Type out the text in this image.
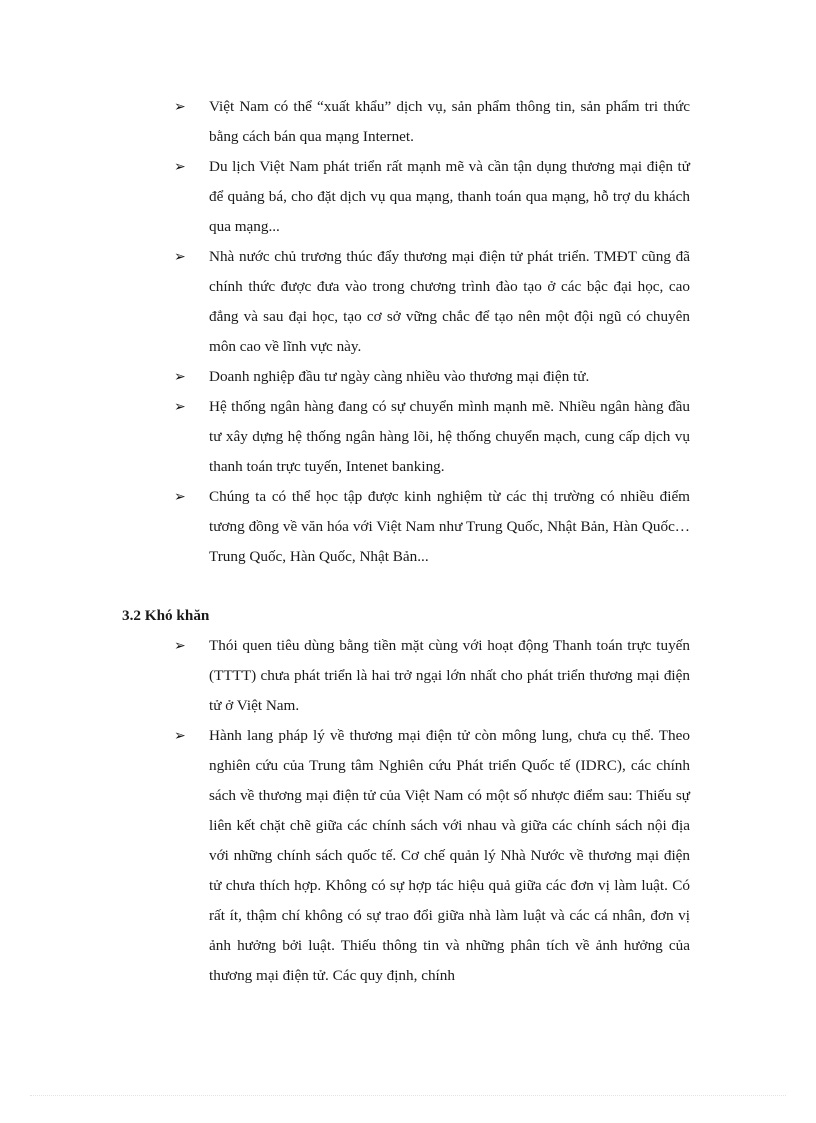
➢ Việt Nam có thể “xuất khẩu” dịch vụ, sản phẩm thông tin, sản phẩm tri thức bằng cách bán qua mạng Internet.
➢ Du lịch Việt Nam phát triển rất mạnh mẽ và cần tận dụng thương mại điện tử để quảng bá, cho đặt dịch vụ qua mạng, thanh toán qua mạng, hỗ trợ du khách qua mạng...
➢ Nhà nước chủ trương thúc đẩy thương mại điện tử phát triển. TMĐT cũng đã chính thức được đưa vào trong chương trình đào tạo ở các bậc đại học, cao đẳng và sau đại học, tạo cơ sở vững chắc để tạo nên một đội ngũ có chuyên môn cao về lĩnh vực này.
➢ Doanh nghiệp đầu tư ngày càng nhiều vào thương mại điện tử.
➢ Hệ thống ngân hàng đang có sự chuyển mình mạnh mẽ. Nhiều ngân hàng đầu tư xây dựng hệ thống ngân hàng lõi, hệ thống chuyển mạch, cung cấp dịch vụ thanh toán trực tuyến, Intenet banking.
➢ Chúng ta có thể học tập được kinh nghiệm từ các thị trường có nhiều điểm tương đồng về văn hóa với Việt Nam như Trung Quốc, Nhật Bản, Hàn Quốc… Trung Quốc, Hàn Quốc, Nhật Bản...
3.2 Khó khăn
➢ Thói quen tiêu dùng bằng tiền mặt cùng với hoạt động Thanh toán trực tuyến (TTTT) chưa phát triển là hai trở ngại lớn nhất cho phát triển thương mại điện tử ở Việt Nam.
➢ Hành lang pháp lý về thương mại điện tử còn mông lung, chưa cụ thể. Theo nghiên cứu của Trung tâm Nghiên cứu Phát triển Quốc tế (IDRC), các chính sách về thương mại điện tử của Việt Nam có một số nhược điểm sau: Thiếu sự liên kết chặt chẽ giữa các chính sách với nhau và giữa các chính sách nội địa với những chính sách quốc tế. Cơ chế quản lý Nhà Nước về thương mại điện tử chưa thích hợp. Không có sự hợp tác hiệu quả giữa các đơn vị làm luật. Có rất ít, thậm chí không có sự trao đổi giữa nhà làm luật và các cá nhân, đơn vị ảnh hưởng bởi luật. Thiếu thông tin và những phân tích về ảnh hưởng của thương mại điện tử. Các quy định, chính
